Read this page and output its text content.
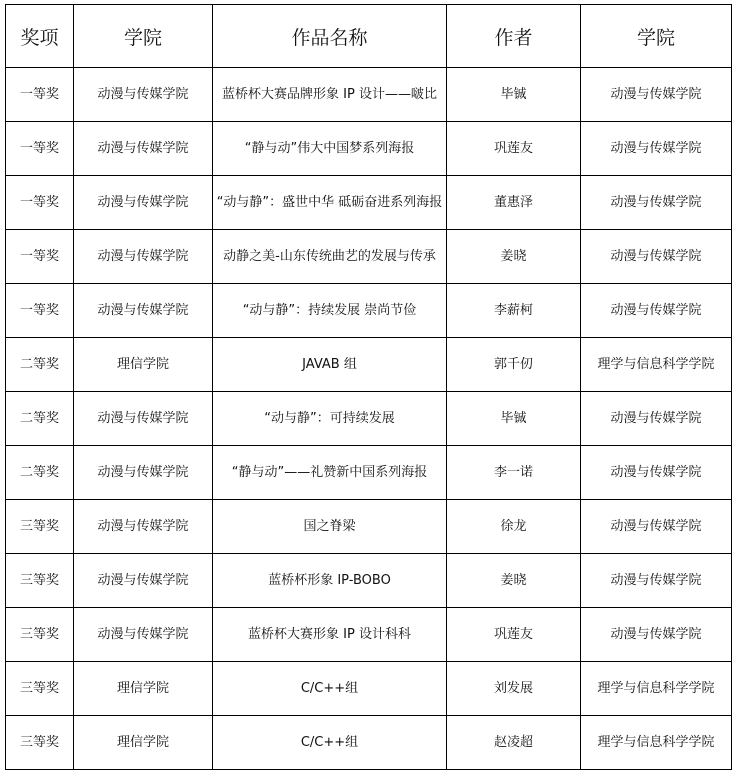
奖项	学院	作品名称	作者	学院
一等奖	动漫与传媒学院	蓝桥杯大赛品牌形象 IP 设计——啵比	毕铖	动漫与传媒学院
一等奖	动漫与传媒学院	“静与动”伟大中国梦系列海报	巩莲友	动漫与传媒学院
一等奖	动漫与传媒学院	“动与静”：盛世中华 砥砺奋进系列海报	董惠泽	动漫与传媒学院
一等奖	动漫与传媒学院	动静之美-山东传统曲艺的发展与传承	姜晓	动漫与传媒学院
一等奖	动漫与传媒学院	“动与静”：持续发展 崇尚节俭	李薪柯	动漫与传媒学院
二等奖	理信学院	JAVAB 组	郭千仞	理学与信息科学学院
二等奖	动漫与传媒学院	“动与静”：可持续发展	毕铖	动漫与传媒学院
二等奖	动漫与传媒学院	“静与动”——礼赞新中国系列海报	李一诺	动漫与传媒学院
三等奖	动漫与传媒学院	国之脊梁	徐龙	动漫与传媒学院
三等奖	动漫与传媒学院	蓝桥杯形象 IP-BOBO	姜晓	动漫与传媒学院
三等奖	动漫与传媒学院	蓝桥杯大赛形象 IP 设计科科	巩莲友	动漫与传媒学院
三等奖	理信学院	C/C++组	刘发展	理学与信息科学学院
三等奖	理信学院	C/C++组	赵凌超	理学与信息科学学院
